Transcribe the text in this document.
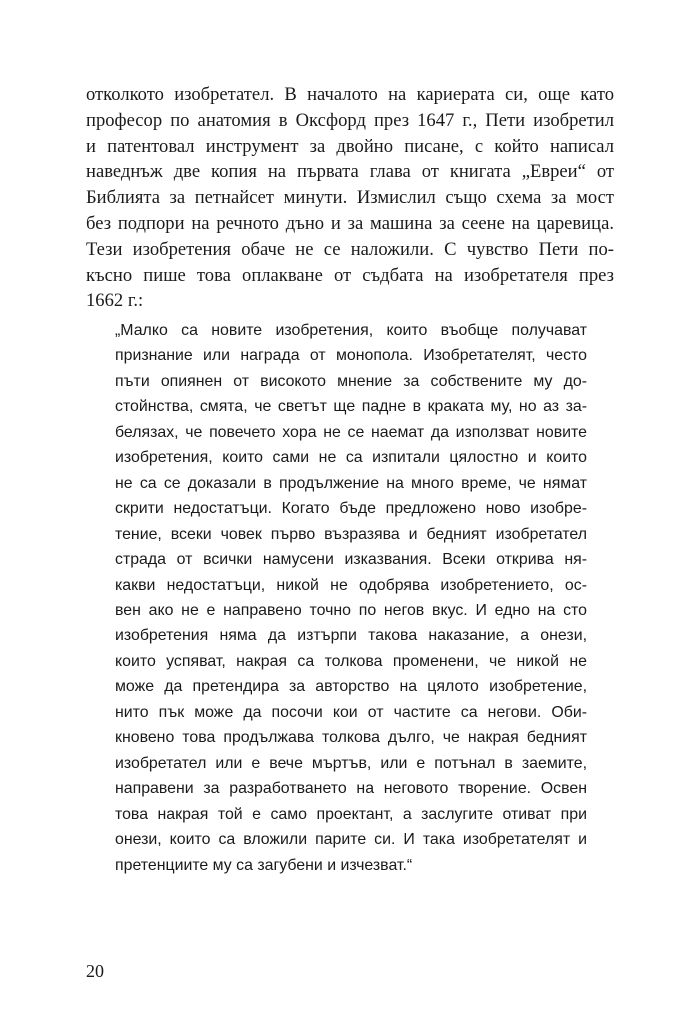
отколкото изобретател. В началото на кариерата си, още като
професор по анатомия в Оксфорд през 1647 г., Пети изобретил
и патентовал инструмент за двойно писане, с който написал
наведнъж две копия на първата глава от книгата „Евреи“ от
Библията за петнайсет минути. Измислил също схема за мост
без подпори на речното дъно и за машина за сеене на царевица.
Тези изобретения обаче не се наложили. С чувство Пети по-
късно пише това оплакване от съдбата на изобретателя през
1662 г.:
„Малко са новите изобретения, които въобще получават
признание или награда от монопола. Изобретателят, често
пъти опиянен от високото мнение за собствените му до-
стойнства, смята, че светът ще падне в краката му, но аз за-
белязах, че повечето хора не се наемат да използват новите
изобретения, които сами не са изпитали цялостно и които
не са се доказали в продължение на много време, че нямат
скрити недостатъци. Когато бъде предложено ново изобре-
тение, всеки човек първо възразява и бедният изобретател
страда от всички намусени изказвания. Всеки открива ня-
какви недостатъци, никой не одобрява изобретението, ос-
вен ако не е направено точно по негов вкус. И едно на сто
изобретения няма да изтърпи такова наказание, а онези,
които успяват, накрая са толкова променени, че никой не
може да претендира за авторство на цялото изобретение,
нито пък може да посочи кои от частите са негови. Оби-
кновено това продължава толкова дълго, че накрая бедният
изобретател или е вече мъртъв, или е потънал в заемите,
направени за разработването на неговото творение. Освен
това накрая той е само проектант, а заслугите отиват при
онези, които са вложили парите си. И така изобретателят и
претенциите му са загубени и изчезват.“
20
